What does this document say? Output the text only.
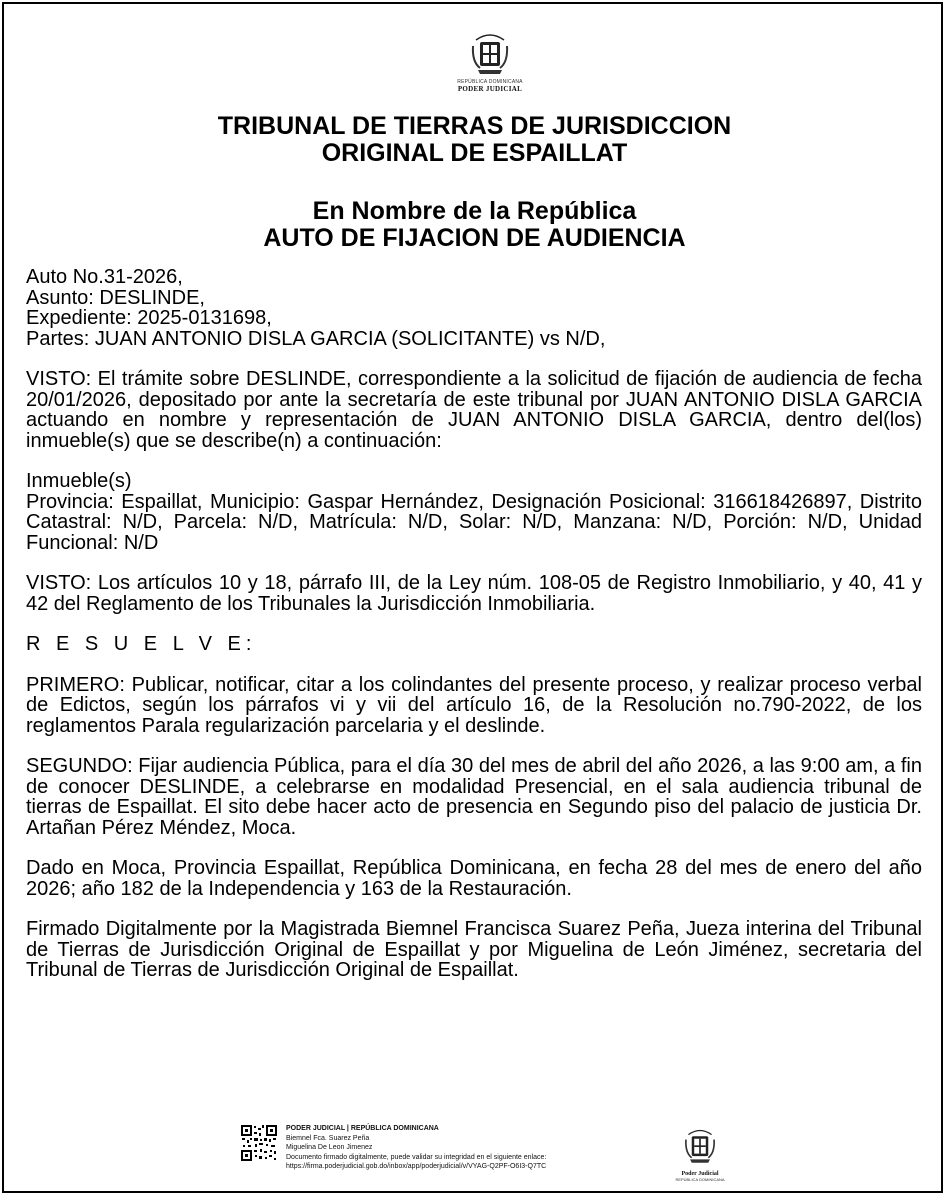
REPÚBLICA DOMINICANA
PODER JUDICIAL
TRIBUNAL DE TIERRAS DE JURISDICCION
ORIGINAL DE ESPAILLAT
En Nombre de la República
AUTO DE FIJACION DE AUDIENCIA
Auto No.31-2026,
Asunto: DESLINDE,
Expediente: 2025-0131698,
Partes: JUAN ANTONIO DISLA GARCIA (SOLICITANTE) vs N/D,
VISTO: El trámite sobre DESLINDE, correspondiente a la solicitud de fijación de audiencia de fecha 20/01/2026, depositado por ante la secretaría de este tribunal por JUAN ANTONIO DISLA GARCIA actuando en nombre y representación de JUAN ANTONIO DISLA GARCIA, dentro del(los) inmueble(s) que se describe(n) a continuación:
Inmueble(s)
Provincia: Espaillat, Municipio: Gaspar Hernández, Designación Posicional: 316618426897, Distrito Catastral: N/D, Parcela: N/D, Matrícula: N/D, Solar: N/D, Manzana: N/D, Porción: N/D, Unidad Funcional: N/D
VISTO: Los artículos 10 y 18, párrafo III, de la Ley núm. 108-05 de Registro Inmobiliario, y 40, 41 y 42 del Reglamento de los Tribunales la Jurisdicción Inmobiliaria.
R E S U E L V E:
PRIMERO: Publicar, notificar, citar a los colindantes del presente proceso, y realizar proceso verbal de Edictos, según los párrafos vi y vii del artículo 16, de la Resolución no.790-2022, de los reglamentos Parala regularización parcelaria y el deslinde.
SEGUNDO: Fijar audiencia Pública, para el día 30 del mes de abril del año 2026, a las 9:00 am, a fin de conocer DESLINDE, a celebrarse en modalidad Presencial, en el sala audiencia tribunal de tierras de Espaillat. El sito debe hacer acto de presencia en Segundo piso del palacio de justicia Dr. Artañan Pérez Méndez, Moca.
Dado en Moca, Provincia Espaillat, República Dominicana, en fecha 28 del mes de enero del año 2026; año 182 de la Independencia y 163 de la Restauración.
Firmado Digitalmente por la Magistrada Biemnel Francisca Suarez Peña, Jueza interina del Tribunal de Tierras de Jurisdicción Original de Espaillat y por Miguelina de León Jiménez, secretaria del Tribunal de Tierras de Jurisdicción Original de Espaillat.
PODER JUDICIAL | REPÚBLICA DOMINICANA
Biemnel Fca. Suarez Peña
Miguelina De Leon Jimenez
Documento firmado digitalmente, puede validar su integridad en el siguiente enlace:
https://firma.poderjudicial.gob.do/inbox/app/poderjudicial/v/VYAG-Q2PF-O6I3-Q7TC
Poder Judicial
REPÚBLICA DOMINICANA
